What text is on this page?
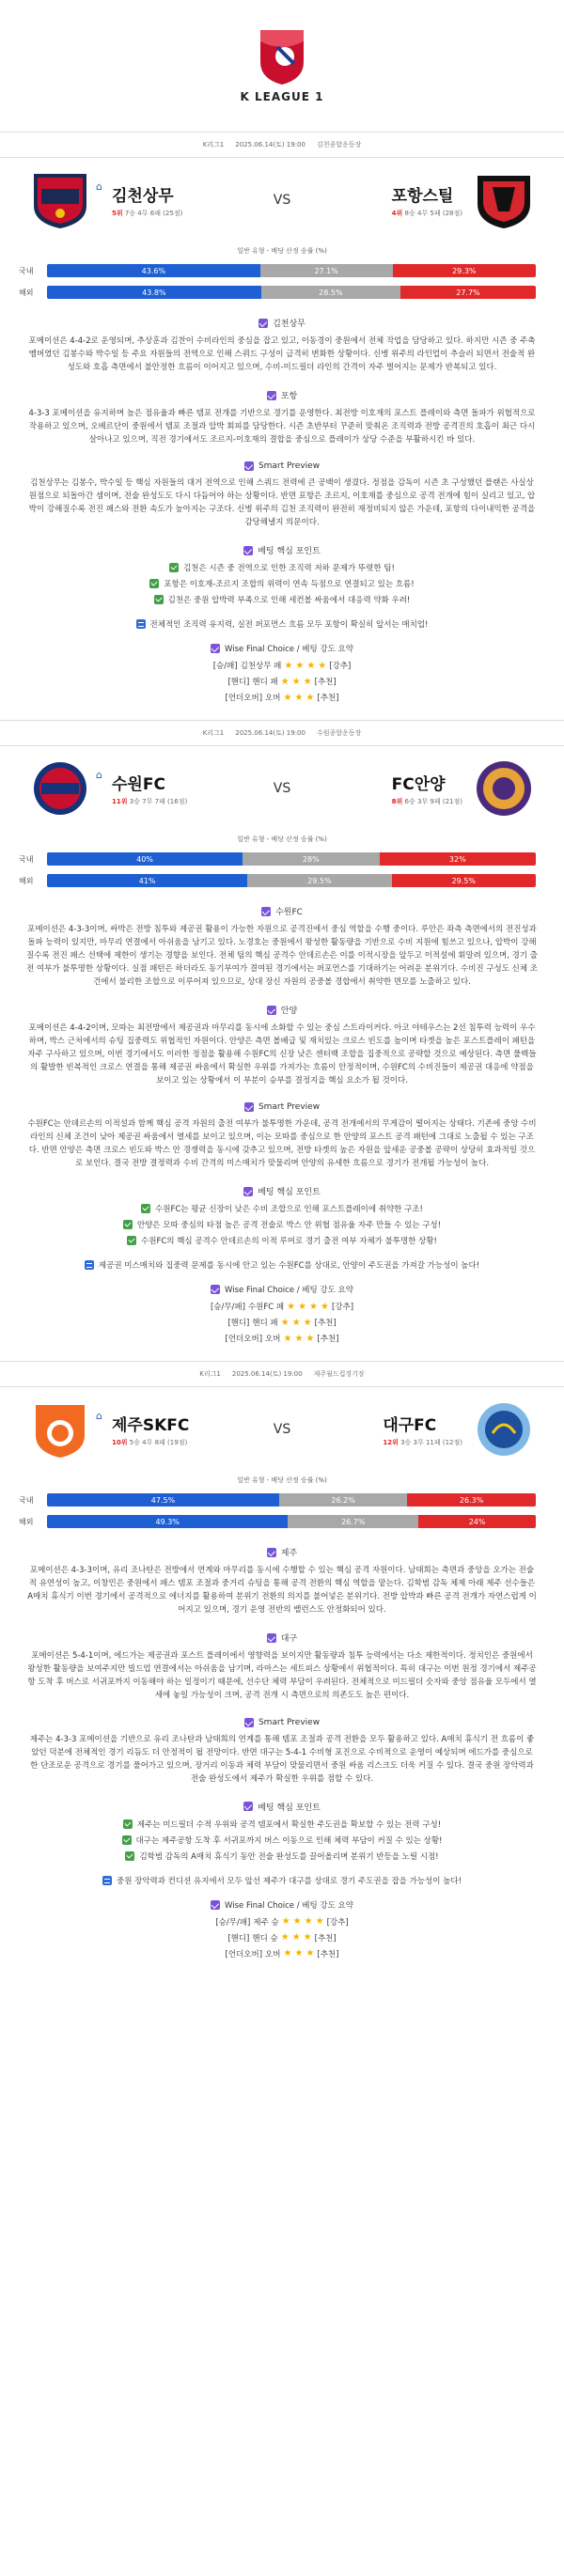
K LEAGUE 1
K리그1 2025.06.14(토) 19:00 김천종합운동장
⌂
김천상무
5위 7승 4무 6패 (25점)
VS	포항스틸
4위 8승 4무 5패 (28점)
일반 유형 - 배당 산정 승률 (%)
국내	43.6%	27.1%	29.3%
해외	43.8%	28.5%	27.7%
김천상무
포메이션은 4-4-2로 운영되며, 추상훈과 김찬이 수비라인의 중심을 잡고 있고, 이동경이 중원에서 전체 작업을 담당하고 있다. 하지만 시즌 중 주축 멤버였던 김봉수와 박수일 등 주요 자원들의 전역으로 인해 스쿼드 구성이 급격히 변화한 상황이다. 신병 위주의 라인업이 추슬러 되면서 전술적 완성도와 호흡 측면에서 불안정한 흐름이 이어지고 있으며, 수비-미드필더 라인의 간격이 자주 벌어지는 문제가 반복되고 있다.
포항
4-3-3 포메이션을 유지하며 높은 점유율과 빠른 템포 전개를 기반으로 경기를 운영한다. 최전방 이호재의 포스트 플레이와 측면 돌파가 위협적으로 작용하고 있으며, 오베르단이 중원에서 템포 조절과 압박 회피를 담당한다. 시즌 초반부터 꾸준히 맞춰온 조직력과 전방 공격진의 호흡이 최근 다시 살아나고 있으며, 직전 경기에서도 조르지-이호재의 결합을 중심으로 플레이가 상당 수준을 부활하시킨 바 있다.
Smart Preview
김천상무는 김봉수, 박수일 등 핵심 자원들의 대거 전역으로 인해 스쿼드 전력에 큰 공백이 생겼다. 정점을 감독이 시즌 초 구성했던 플랜은 사실상 원점으로 되돌아간 셈이며, 전술 완성도도 다시 다듬어야 하는 상황이다. 반면 포항은 조르지, 이호재를 중심으로 공격 전개에 힘이 실리고 있고, 압박이 강해질수록 전진 패스와 전환 속도가 높아지는 구조다. 신병 위주의 김천 조직력이 완전히 재정비되지 않은 가운데, 포항의 다이내믹한 공격을 감당해낼지 의문이다.
베팅 핵심 포인트
김천은 시즌 중 전역으로 인한 조직력 저하 문제가 뚜렷한 팀!
포항은 이호재-조르지 조합의 위력이 연속 득점으로 연결되고 있는 흐름!
김천은 중원 압박력 부족으로 인해 세컨볼 싸움에서 대응력 약화 우려!
전체적인 조직력 유지력, 실전 퍼포먼스 흐름 모두 포항이 확실히 앞서는 매치업!
Wise Final Choice / 베팅 강도 요약
[승/패] 김천상무 패 ★ ★ ★ ★ [강추]
[핸디] 핸디 패 ★ ★ ★ [추천]
[언더오버] 오버 ★ ★ ★ [추천]
K리그1 2025.06.14(토) 19:00 수원종합운동장
⌂
수원FC
11위 3승 7무 7패 (16점)
VS	FC안양
8위 6승 3무 9패 (21점)
일반 유형 - 배당 산정 승률 (%)
국내	40%	28%	32%
해외	41%	29.5%	29.5%
수원FC
포메이션은 4-3-3이며, 싸박은 전방 침투와 제공권 활용이 가능한 자원으로 공격진에서 중심 역할을 수행 중이다. 루안은 좌측 측면에서의 전진성과 돌파 능력이 있지만, 마무리 연결에서 아쉬움을 남기고 있다. 노경호는 중원에서 왕성한 활동량을 기반으로 수비 지원에 힘쓰고 있으나, 압박이 강해질수록 전진 패스 선택에 제한이 생기는 경향을 보인다. 전체 팀의 핵심 공격수 안데르손은 이를 이적시장을 앞두고 이적설에 휘말려 있으며, 경기 출전 여부가 불투명한 상황이다. 실점 패턴은 하더라도 동기부여가 결여된 경기에서는 퍼포먼스를 기대하기는 어려운 분위기다. 수비진 구성도 신체 조건에서 불리한 조합으로 이루어져 있으므로, 상대 장신 자원의 공중볼 경합에서 취약한 면모를 노출하고 있다.
안양
포메이션은 4-4-2이며, 모따는 최전방에서 제공권과 마무리를 동시에 소화할 수 있는 중심 스트라이커다. 아코 야테우스는 2선 침투력 능력이 우수하며, 박스 근처에서의 슈팅 집중력도 위협적인 자원이다. 안양은 측면 볼배급 및 재치있는 크로스 빈도를 높이며 타겟을 높은 포스트플레이 패턴을 자주 구사하고 있으며, 이번 경기에서도 이러한 정점을 활용해 수원FC의 신장 낮은 센터백 조합을 집중적으로 공략할 것으로 예상된다. 측면 풀백들의 활발한 빈복적인 크로스 연결을 통해 제공권 싸움에서 확실한 우위를 가져가는 흐름이 안정적이며, 수원FC의 수비진들이 제공권 대응에 약점을 보이고 있는 상황에서 이 부분이 승부를 결정지을 핵심 요소가 될 것이다.
Smart Preview
수원FC는 안데르손의 이적설과 함께 핵심 공격 자원의 출전 여부가 불투명한 가운데, 공격 전개에서의 무게감이 떨어지는 상태다. 기존에 중앙 수비 라인의 신체 조건이 낮아 제공권 싸움에서 열세를 보이고 있으며, 이는 모따를 중심으로 한 안양의 포스트 공격 패턴에 그대로 노출될 수 있는 구조다. 반면 안양은 측면 크로스 빈도와 박스 안 경쟁력을 동시에 갖추고 있으며, 전방 타겟의 높은 자원을 앞세운 공중볼 공략이 상당히 효과적일 것으로 보인다. 결국 전방 결정력과 수비 간격의 미스매치가 맞물리며 안양의 유세한 흐름으로 경기가 전개될 가능성이 높다.
베팅 핵심 포인트
수원FC는 평균 신장이 낮은 수비 조합으로 인해 포스트플레이에 취약한 구조!
안양은 모따 중심의 타점 높은 공격 전술로 박스 안 위협 점유율 자주 만들 수 있는 구성!
수원FC의 핵심 공격수 안데르손의 이적 루머로 경기 출전 여부 자체가 불투명한 상황!
제공권 미스매치와 집중력 문제를 동시에 안고 있는 수원FC를 상대로, 안양이 주도권을 가져갈 가능성이 높다!
Wise Final Choice / 베팅 강도 요약
[승/무/패] 수원FC 패 ★ ★ ★ ★ [강추]
[핸디] 핸디 패 ★ ★ ★ [추천]
[언더오버] 오버 ★ ★ ★ [추천]
K리그1 2025.06.14(토) 19:00 제주월드컵경기장
⌂
제주SKFC
10위 5승 4무 8패 (19점)
VS	대구FC
12위 3승 3무 11패 (12점)
일반 유형 - 배당 산정 승률 (%)
국내	47.5%	26.2%	26.3%
해외	49.3%	26.7%	24%
제주
포메이션은 4-3-3이며, 유리 조나탄은 전방에서 연계와 마무리를 동시에 수행할 수 있는 핵심 공격 자원이다. 남태희는 측면과 중앙을 오가는 전술적 유연성이 높고, 이창민은 중원에서 패스 템포 조절과 중거리 슈팅을 통해 공격 전환의 핵심 역할을 맡는다. 김학범 감독 체제 아래 제주 선수들은 A매치 휴식기 이번 경기에서 공격적으로 에너지를 활용하여 분위기 전환의 의지를 불어넣은 분위기다. 전방 압박과 빠른 공격 전개가 자연스럽게 이어지고 있으며, 경기 운영 전반의 밸런스도 안정화되어 있다.
대구
포메이션은 5-4-1이며, 에드가는 제공권과 포스트 플레이에서 영향력을 보이지만 활동량과 침투 능력에서는 다소 제한적이다. 정치인은 중원에서 왕성한 활동량을 보여주지만 빌드업 연결에서는 아쉬움을 남기며, 라마스는 세트피스 상황에서 위협적이다. 특히 대구는 이번 원정 경기에서 제주공항 도착 후 버스로 서귀포까지 이동해야 하는 일정이기 때문에, 선수단 체력 부담이 우려된다. 전체적으로 미드필더 숫자와 중앙 점유율 모두에서 열세에 놓일 가능성이 크며, 공격 전개 시 측면으로의 의존도도 높은 편이다.
Smart Preview
제주는 4-3-3 포메이션을 기반으로 유리 조나탄과 남태희의 연계를 통해 템포 조절과 공격 전환을 모두 활용하고 있다. A매치 휴식기 전 흐름이 좋았던 덕분에 전체적인 경기 리듬도 더 안정적이 될 전망이다. 반면 대구는 5-4-1 수비형 포진으로 수비적으로 운영이 예상되며 에드가를 중심으로 한 단조로운 공격으로 경기를 풀어가고 있으며, 장거리 이동과 체력 부담이 맞물리면서 중원 싸움 리스크도 더욱 커질 수 있다. 결국 중원 장악력과 전술 완성도에서 제주가 확실한 우위를 점할 수 있다.
베팅 핵심 포인트
제주는 미드필더 수적 우위와 공격 템포에서 확실한 주도권을 확보할 수 있는 전력 구성!
대구는 제주공항 도착 후 서귀포까지 버스 이동으로 인해 체력 부담이 커질 수 있는 상황!
김학범 감독의 A매치 휴식기 동안 전술 완성도를 끌어올리며 분위기 반등을 노릴 시점!
중원 장악력과 컨디션 유지에서 모두 앞선 제주가 대구를 상대로 경기 주도권을 잡을 가능성이 높다!
Wise Final Choice / 베팅 강도 요약
[승/무/패] 제주 승 ★ ★ ★ ★ [강추]
[핸디] 핸디 승 ★ ★ ★ [추천]
[언더오버] 오버 ★ ★ ★ [추천]
